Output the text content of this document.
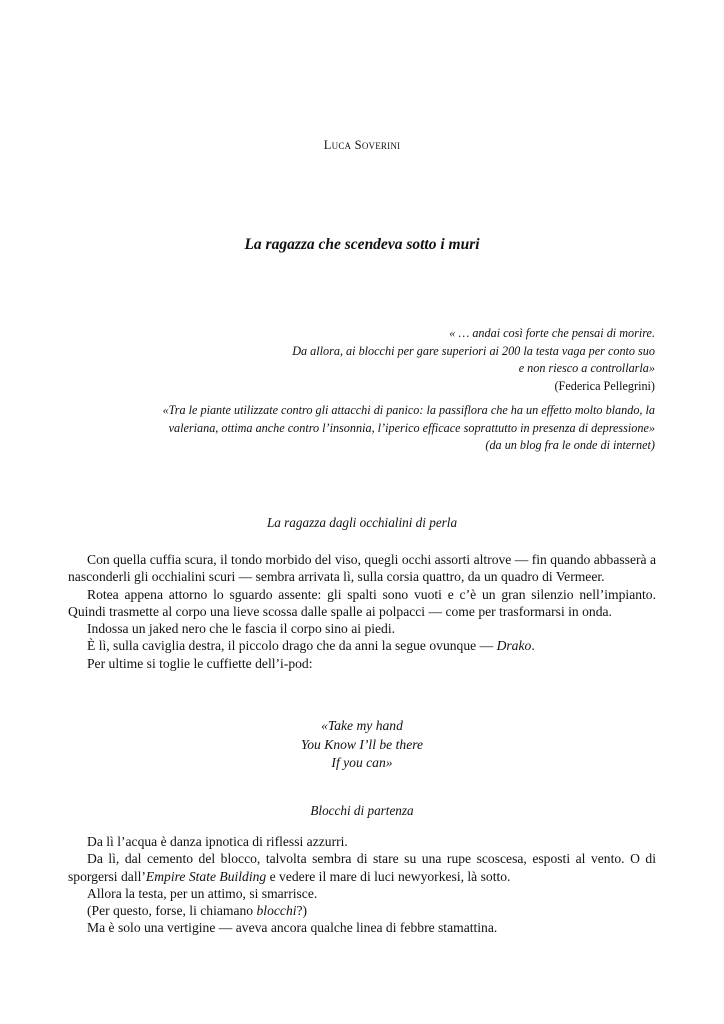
Luca Soverini
La ragazza che scendeva sotto i muri
« … andai così forte che pensai di morire.
Da allora, ai blocchi per gare superiori ai 200 la testa vaga per conto suo
e non riesco a controllarla»
(Federica Pellegrini)
«Tra le piante utilizzate contro gli attacchi di panico: la passiflora che ha un effetto molto blando, la
valeriana, ottima anche contro l’insonnia, l’iperico efficace soprattutto in presenza di depressione»
(da un blog fra le onde di internet)
La ragazza dagli occhialini di perla

Con quella cuffia scura, il tondo morbido del viso, quegli occhi assorti altrove — fin quando abbasserà a nasconderli gli occhialini scuri — sembra arrivata lì, sulla corsia quattro, da un quadro di Vermeer.

Rotea appena attorno lo sguardo assente: gli spalti sono vuoti e c’è un gran silenzio nell’impianto. Quindi trasmette al corpo una lieve scossa dalle spalle ai polpacci — come per trasformarsi in onda.

Indossa un jaked nero che le fascia il corpo sino ai piedi.

È lì, sulla caviglia destra, il piccolo drago che da anni la segue ovunque — Drako.

Per ultime si toglie le cuffiette dell’i-pod:

«Take my hand
You Know I’ll be there
If you can»
Blocchi di partenza

Da lì l’acqua è danza ipnotica di riflessi azzurri.

Da lì, dal cemento del blocco, talvolta sembra di stare su una rupe scoscesa, esposti al vento. O di sporgersi dall’Empire State Building e vedere il mare di luci newyorkesi, là sotto.

Allora la testa, per un attimo, si smarrisce.

(Per questo, forse, li chiamano blocchi?)

Ma è solo una vertigine — aveva ancora qualche linea di febbre stamattina.
